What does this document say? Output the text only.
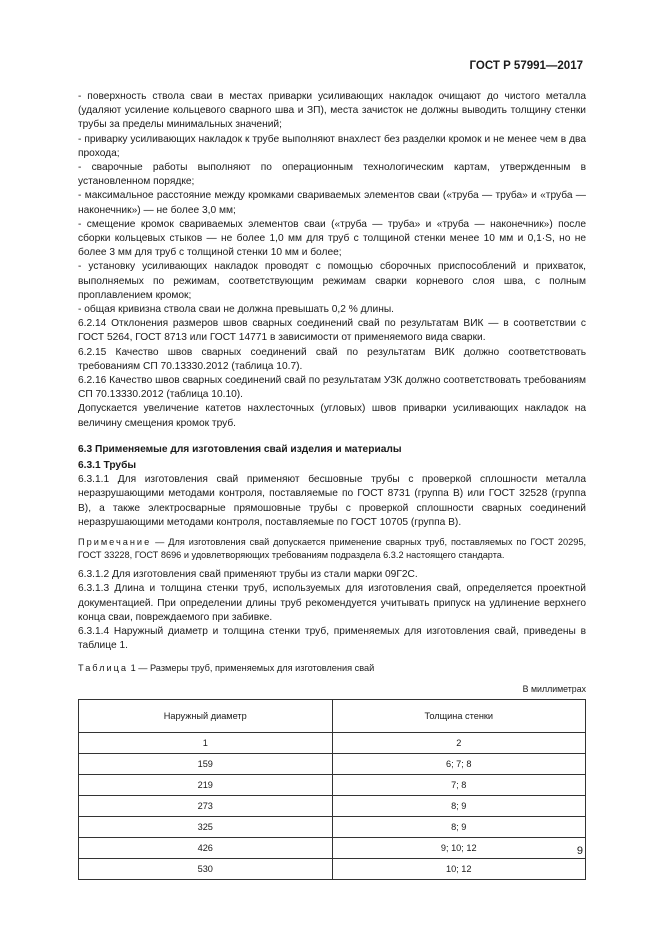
ГОСТ Р 57991—2017

- поверхность ствола сваи в местах приварки усиливающих накладок очищают до чистого металла (удаляют усиление кольцевого сварного шва и ЗП), места зачисток не должны выводить толщину стенки трубы за пределы минимальных значений;

- приварку усиливающих накладок к трубе выполняют внахлест без разделки кромок и не менее чем в два прохода;

- сварочные работы выполняют по операционным технологическим картам, утвержденным в установленном порядке;

- максимальное расстояние между кромками свариваемых элементов сваи («труба — труба» и «труба — наконечник») — не более 3,0 мм;

- смещение кромок свариваемых элементов сваи («труба — труба» и «труба — наконечник») после сборки кольцевых стыков — не более 1,0 мм для труб с толщиной стенки менее 10 мм и 0,1·S, но не более 3 мм для труб с толщиной стенки 10 мм и более;

- установку усиливающих накладок проводят с помощью сборочных приспособлений и прихваток, выполняемых по режимам, соответствующим режимам сварки корневого слоя шва, с полным проплавлением кромок;

- общая кривизна ствола сваи не должна превышать 0,2 % длины.

6.2.14 Отклонения размеров швов сварных соединений свай по результатам ВИК — в соответствии с ГОСТ 5264, ГОСТ 8713 или ГОСТ 14771 в зависимости от применяемого вида сварки.

6.2.15 Качество швов сварных соединений свай по результатам ВИК должно соответствовать требованиям СП 70.13330.2012 (таблица 10.7).

6.2.16 Качество швов сварных соединений свай по результатам УЗК должно соответствовать требованиям СП 70.13330.2012 (таблица 10.10).

Допускается увеличение катетов нахлесточных (угловых) швов приварки усиливающих накладок на величину смещения кромок труб.

6.3 Применяемые для изготовления свай изделия и материалы

6.3.1 Трубы

6.3.1.1 Для изготовления свай применяют бесшовные трубы с проверкой сплошности металла неразрушающими методами контроля, поставляемые по ГОСТ 8731 (группа В) или ГОСТ 32528 (группа В), а также электросварные прямошовные трубы с проверкой сплошности сварных соединений неразрушающими методами контроля, поставляемые по ГОСТ 10705 (группа В).

Примечание — Для изготовления свай допускается применение сварных труб, поставляемых по ГОСТ 20295, ГОСТ 33228, ГОСТ 8696 и удовлетворяющих требованиям подраздела 6.3.2 настоящего стандарта.

6.3.1.2 Для изготовления свай применяют трубы из стали марки 09Г2С.

6.3.1.3 Длина и толщина стенки труб, используемых для изготовления свай, определяется проектной документацией. При определении длины труб рекомендуется учитывать припуск на удлинение верхнего конца сваи, повреждаемого при забивке.

6.3.1.4 Наружный диаметр и толщина стенки труб, применяемых для изготовления свай, приведены в таблице 1.

Таблица 1 — Размеры труб, применяемых для изготовления свай
В миллиметрах
Наружный диаметр	Толщина стенки
1	2
159	6; 7; 8
219	7; 8
273	8; 9
325	8; 9
426	9; 10; 12
530	10; 12
9
